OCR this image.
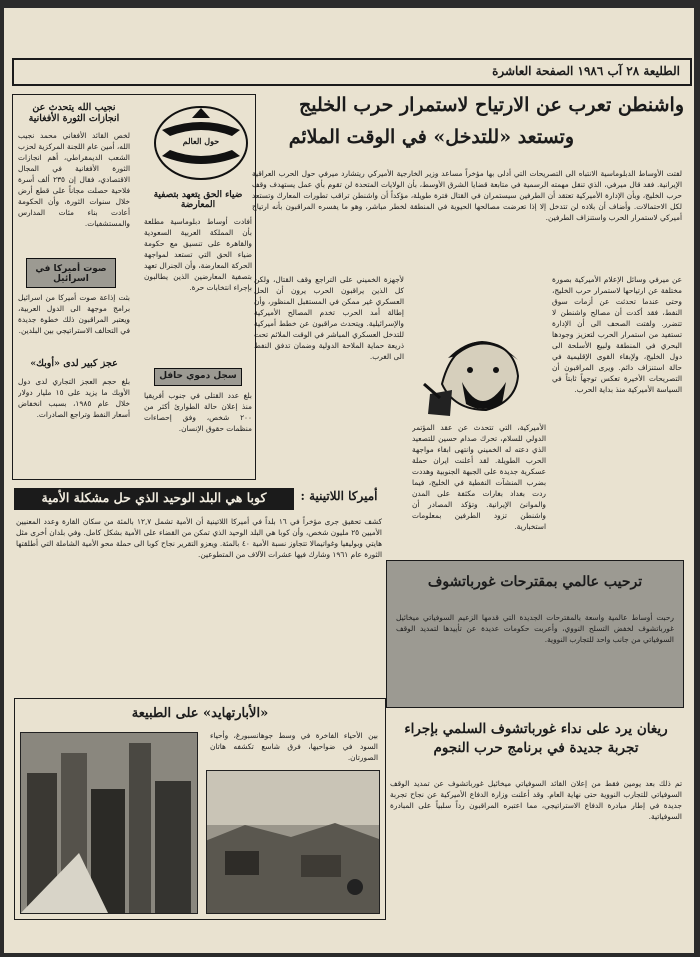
الطليعة ٢٨ آب ١٩٨٦ الصفحة العاشرة
واشنطن تعرب عن الارتياح لاستمرار حرب الخليج
وتستعد «للتدخل» في الوقت الملائم
لفتت الأوساط الدبلوماسية الانتباه الى التصريحات التي أدلى بها مؤخراً مساعد وزير الخارجية الأميركي ريتشارد ميرفي حول الحرب العراقية الإيرانية. فقد قال ميرفي، الذي تنقل مهمته الرسمية في متابعة قضايا الشرق الأوسط، بأن الولايات المتحدة لن تقوم بأي عمل يستهدف وقف حرب الخليج، وبأن الإدارة الأميركية تعتقد أن الطرفين سيستمران في القتال فترة طويلة، مؤكداً أن واشنطن تراقب تطورات المعارك وتستعد لكل الاحتمالات. وأضاف أن بلاده لن تتدخل إلا إذا تعرضت مصالحها الحيوية في المنطقة لخطر مباشر، وهو ما يفسره المراقبون بأنه ارتياح أميركي لاستمرار الحرب واستنزاف الطرفين.
عن ميرفي وسائل الإعلام الأميركية بصورة مختلفة عن ارتياحها لاستمرار حرب الخليج، وحتى عندما تحدثت عن أزمات سوق النفط، فقد أكدت أن مصالح واشنطن لا تتضرر. ولفتت الصحف الى أن الإدارة تستفيد من استمرار الحرب لتعزيز وجودها البحري في المنطقة ولبيع الأسلحة الى دول الخليج، ولإبقاء القوى الإقليمية في حالة استنزاف دائم. ويرى المراقبون أن التصريحات الأخيرة تعكس توجهاً ثابتاً في السياسة الأميركية منذ بداية الحرب.
الأميركية، التي تتحدث عن عقد المؤتمر الدولي للسلام، تحرك صدام حسين للتصعيد الذي دعته له الخميني وانتهى ابقاء مواجهة الحرب الطويلة. لقد أعلنت ايران حملة عسكرية جديدة على الجبهة الجنوبية وهددت بضرب المنشآت النفطية في الخليج، فيما ردت بغداد بغارات مكثفة على المدن والموانئ الإيرانية. وتؤكد المصادر أن واشنطن تزود الطرفين بمعلومات استخبارية.
لأجهزة الخميني على التراجع وقف القتال، ولكن كل الذين يراقبون الحرب يرون أن الحل العسكري غير ممكن في المستقبل المنظور، وأن إطالة أمد الحرب تخدم المصالح الأميركية والإسرائيلية. ويتحدث مراقبون عن خطط أميركية للتدخل العسكري المباشر في الوقت الملائم تحت ذريعة حماية الملاحة الدولية وضمان تدفق النفط الى الغرب.
نجيب الله يتحدث عن انجازات الثورة الأفغانية
لخص القائد الأفغاني محمد نجيب الله، أمين عام اللجنة المركزية لحزب الشعب الديمقراطي، أهم انجازات الثورة الأفغانية في المجال الاقتصادي، فقال إن ٢٣٥ ألف أسرة فلاحية حصلت مجاناً على قطع أرض خلال سنوات الثورة، وأن الحكومة أعادت بناء مئات المدارس والمستشفيات.
حول العالم
ضياء الحق يتعهد بتصفية المعارضة
أفادت أوساط دبلوماسية مطلعة بأن المملكة العربية السعودية والقاهرة على تنسيق مع حكومة ضياء الحق التي تستعد لمواجهة الحركة المعارضة، وأن الجنرال تعهد بتصفية المعارضين الذين يطالبون بإجراء انتخابات حرة.
صوت أميركا في اسرائيل
بثت إذاعة صوت أميركا من اسرائيل برامج موجهة الى الدول العربية، ويعتبر المراقبون ذلك خطوة جديدة في التحالف الاستراتيجي بين البلدين.
عجز كبير لدى «أوبك»
بلغ حجم العجز التجاري لدى دول الأوبك ما يزيد على ١٥ مليار دولار خلال عام ١٩٨٥، بسبب انخفاض أسعار النفط وتراجع الصادرات.
سجل دموي حافل
بلغ عدد القتلى في جنوب أفريقيا منذ إعلان حالة الطوارئ أكثر من ٢٠٠ شخص، وفق إحصاءات منظمات حقوق الإنسان.
كوبا هي البلد الوحيد الذي حل مشكلة الأمية	أميركا اللاتينية :
كشف تحقيق جرى مؤخراً في ١٦ بلداً في أميركا اللاتينية أن الأمية تشمل ١٢,٧ بالمئة من سكان القارة وعدد المعنيين الأميين ٢٥ مليون شخص، وأن كوبا هي البلد الوحيد الذي تمكن من القضاء على الأمية بشكل كامل. وفي بلدان أخرى مثل هايتي وبوليفيا وغواتيمالا تتجاوز نسبة الأمية ٤٠ بالمئة. ويعزو التقرير نجاح كوبا الى حملة محو الأمية الشاملة التي أطلقتها الثورة عام ١٩٦١ وشارك فيها عشرات الآلاف من المتطوعين.
ترحيب عالمي بمقترحات غورباتشوف
رحبت أوساط عالمية واسعة بالمقترحات الجديدة التي قدمها الزعيم السوفياتي ميخائيل غورباتشوف لخفض التسلح النووي، وأعربت حكومات عديدة عن تأييدها لتمديد الوقف السوفياتي من جانب واحد للتجارب النووية.
«الأبارتهايد» على الطبيعة
بين الأحياء الفاخرة في وسط جوهانسبورغ، وأحياء السود في ضواحيها، فرق شاسع تكشفه هاتان الصورتان.
ريغان يرد على نداء غورباتشوف السلمي بإجراء تجربة جديدة في برنامج حرب النجوم
تم ذلك بعد يومين فقط من إعلان القائد السوفياتي ميخائيل غورباتشوف عن تمديد الوقف السوفياتي للتجارب النووية حتى نهاية العام. وقد أعلنت وزارة الدفاع الأميركية عن نجاح تجربة جديدة في إطار مبادرة الدفاع الاستراتيجي، مما اعتبره المراقبون رداً سلبياً على المبادرة السوفياتية.
